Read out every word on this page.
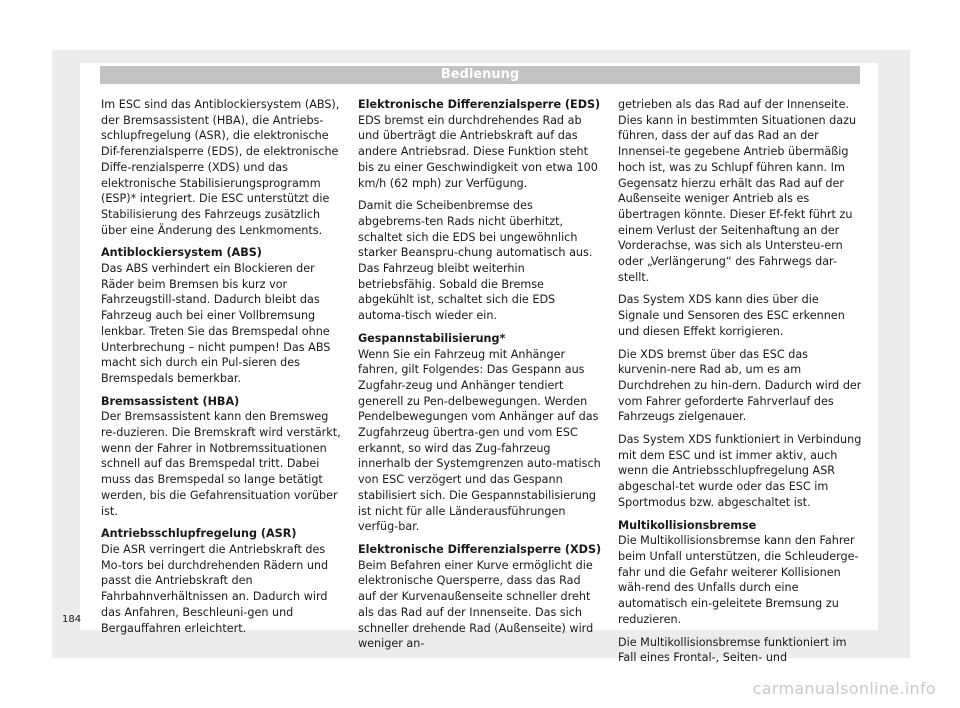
Bedienung

Im ESC sind das Antiblockiersystem (ABS), der Bremsassistent (HBA), die Antriebs-schlupfregelung (ASR), die elektronische Dif-ferenzialsperre (EDS), de elektronische Diffe-renzialsperre (XDS) und das elektronische Stabilisierungsprogramm (ESP)* integriert. Die ESC unterstützt die Stabilisierung des Fahrzeugs zusätzlich über eine Änderung des Lenkmoments.

Antiblockiersystem (ABS)

Das ABS verhindert ein Blockieren der Räder beim Bremsen bis kurz vor Fahrzeugstill-stand. Dadurch bleibt das Fahrzeug auch bei einer Vollbremsung lenkbar. Treten Sie das Bremspedal ohne Unterbrechung – nicht pumpen! Das ABS macht sich durch ein Pul-sieren des Bremspedals bemerkbar.

Bremsassistent (HBA)

Der Bremsassistent kann den Bremsweg re-duzieren. Die Bremskraft wird verstärkt, wenn der Fahrer in Notbremssituationen schnell auf das Bremspedal tritt. Dabei muss das Bremspedal so lange betätigt werden, bis die Gefahrensituation vorüber ist.

Antriebsschlupfregelung (ASR)

Die ASR verringert die Antriebskraft des Mo-tors bei durchdrehenden Rädern und passt die Antriebskraft den Fahrbahnverhältnissen an. Dadurch wird das Anfahren, Beschleuni-gen und Bergauffahren erleichtert.

Elektronische Differenzialsperre (EDS)

EDS bremst ein durchdrehendes Rad ab und überträgt die Antriebskraft auf das andere Antriebsrad. Diese Funktion steht bis zu einer Geschwindigkeit von etwa 100 km/h (62 mph) zur Verfügung.

Damit die Scheibenbremse des abgebrems-ten Rads nicht überhitzt, schaltet sich die EDS bei ungewöhnlich starker Beanspru-chung automatisch aus. Das Fahrzeug bleibt weiterhin betriebsfähig. Sobald die Bremse abgekühlt ist, schaltet sich die EDS automa-tisch wieder ein.

Gespannstabilisierung*

Wenn Sie ein Fahrzeug mit Anhänger fahren, gilt Folgendes: Das Gespann aus Zugfahr-zeug und Anhänger tendiert generell zu Pen-delbewegungen. Werden Pendelbewegungen vom Anhänger auf das Zugfahrzeug übertra-gen und vom ESC erkannt, so wird das Zug-fahrzeug innerhalb der Systemgrenzen auto-matisch von ESC verzögert und das Gespann stabilisiert sich. Die Gespannstabilisierung ist nicht für alle Länderausführungen verfüg-bar.

Elektronische Differenzialsperre (XDS)

Beim Befahren einer Kurve ermöglicht die elektronische Quersperre, dass das Rad auf der Kurvenaußenseite schneller dreht als das Rad auf der Innenseite. Das sich schneller drehende Rad (Außenseite) wird weniger an-

getrieben als das Rad auf der Innenseite. Dies kann in bestimmten Situationen dazu führen, dass der auf das Rad an der Innensei-te gegebene Antrieb übermäßig hoch ist, was zu Schlupf führen kann. Im Gegensatz hierzu erhält das Rad auf der Außenseite weniger Antrieb als es übertragen könnte. Dieser Ef-fekt führt zu einem Verlust der Seitenhaftung an der Vorderachse, was sich als Untersteu-ern oder „Verlängerung“ des Fahrwegs dar-stellt.

Das System XDS kann dies über die Signale und Sensoren des ESC erkennen und diesen Effekt korrigieren.

Die XDS bremst über das ESC das kurvenin-nere Rad ab, um es am Durchdrehen zu hin-dern. Dadurch wird der vom Fahrer geforderte Fahrverlauf des Fahrzeugs zielgenauer.

Das System XDS funktioniert in Verbindung mit dem ESC und ist immer aktiv, auch wenn die Antriebsschlupfregelung ASR abgeschal-tet wurde oder das ESC im Sportmodus bzw. abgeschaltet ist.

Multikollisionsbremse

Die Multikollisionsbremse kann den Fahrer beim Unfall unterstützen, die Schleuderge-fahr und die Gefahr weiterer Kollisionen wäh-rend des Unfalls durch eine automatisch ein-geleitete Bremsung zu reduzieren.

Die Multikollisionsbremse funktioniert im Fall eines Frontal-, Seiten- und

184
carmanualsonline.info
